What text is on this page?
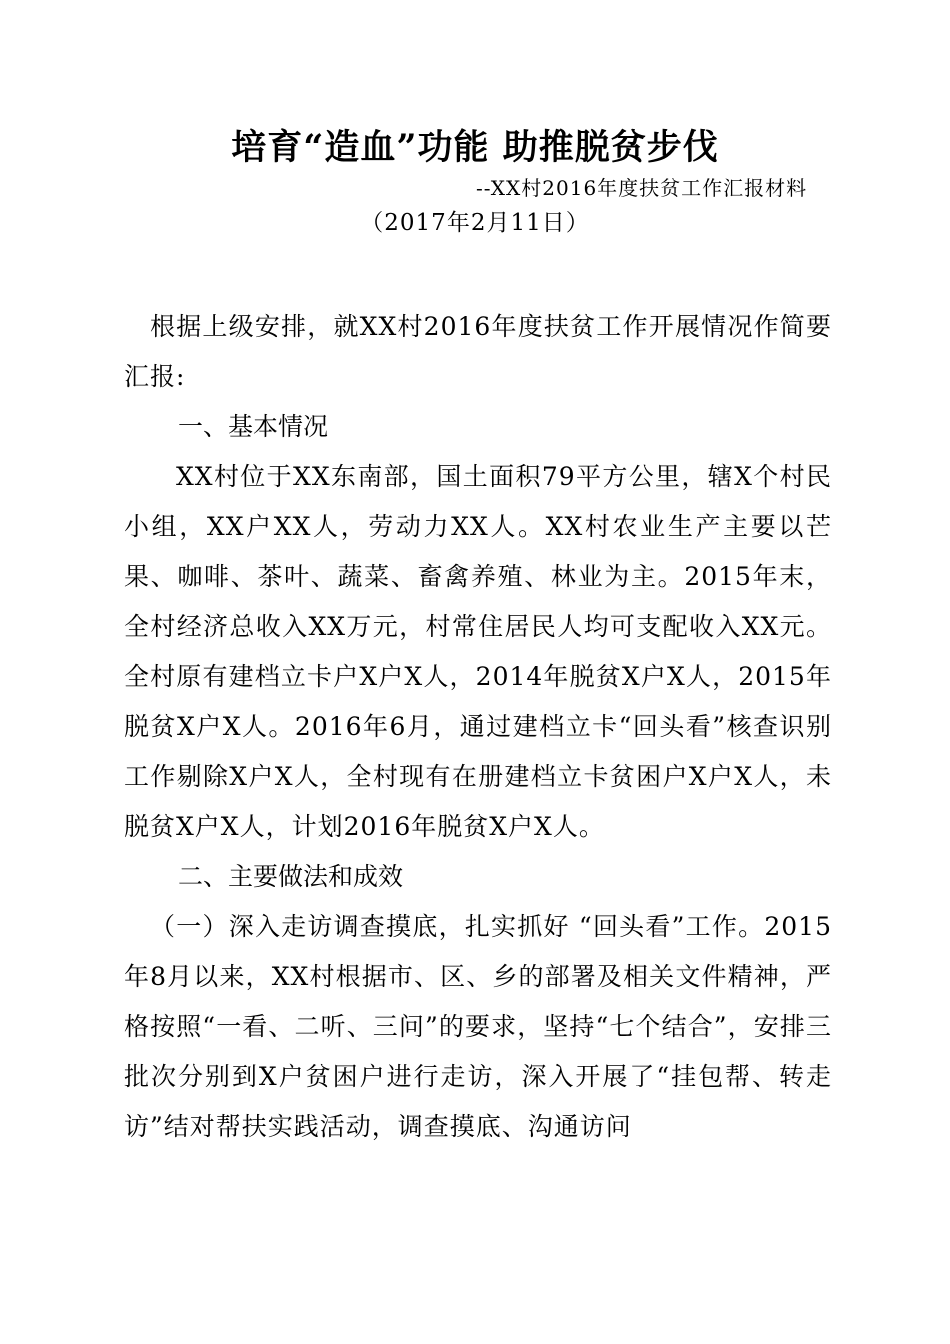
培育“造血”功能 助推脱贫步伐
--XX村2016年度扶贫工作汇报材料
（2017年2月11日）

根据上级安排，就XX村2016年度扶贫工作开展情况作简要汇报:

一、基本情况

XX村位于XX东南部，国土面积79平方公里，辖X个村民小组，XX户XX人，劳动力XX人。XX村农业生产主要以芒果、咖啡、茶叶、蔬菜、畜禽养殖、林业为主。2015年末，全村经济总收入XX万元，村常住居民人均可支配收入XX元。全村原有建档立卡户X户X人，2014年脱贫X户X人，2015年脱贫X户X人。2016年6月，通过建档立卡“回头看”核查识别工作剔除X户X人，全村现有在册建档立卡贫困户X户X人，未脱贫X户X人，计划2016年脱贫X户X人。

二、主要做法和成效

（一）深入走访调查摸底，扎实抓好 “回头看”工作。2015年8月以来，XX村根据市、区、乡的部署及相关文件精神，严格按照“一看、二听、三问”的要求，坚持“七个结合”，安排三批次分别到X户贫困户进行走访，深入开展了“挂包帮、转走访”结对帮扶实践活动，调查摸底、沟通访问
